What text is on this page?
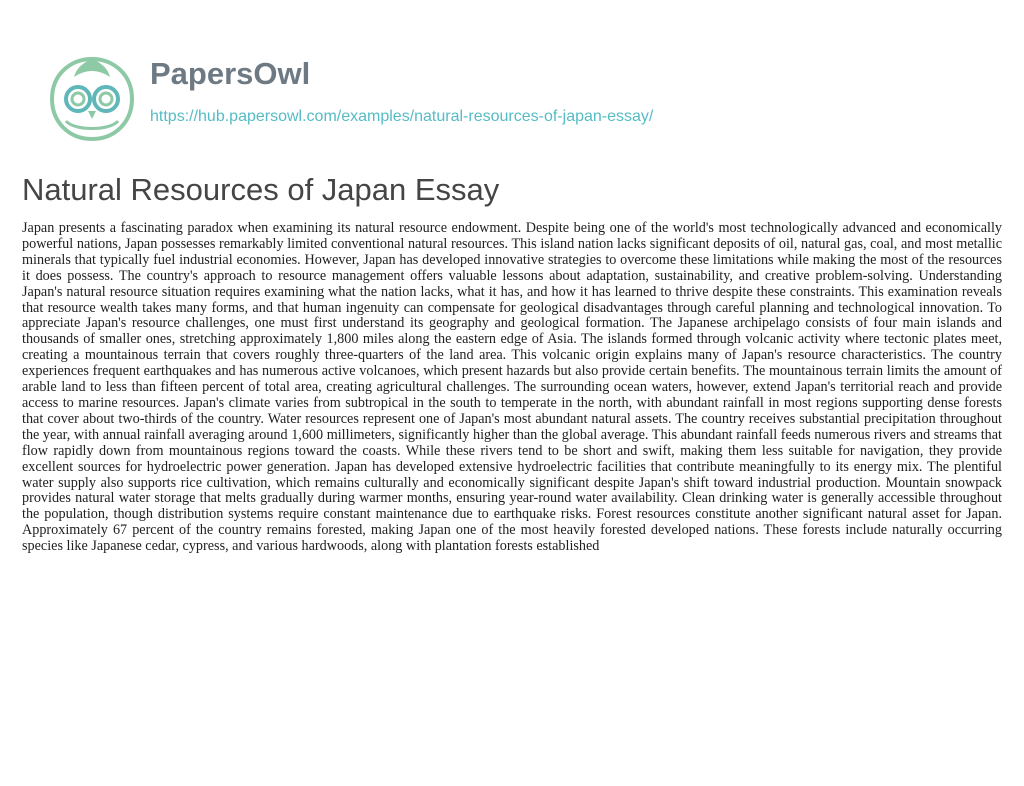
PapersOwl
https://hub.papersowl.com/examples/natural-resources-of-japan-essay/
Natural Resources of Japan Essay

Japan presents a fascinating paradox when examining its natural resource endowment. Despite being one of the world's most technologically advanced and economically powerful nations, Japan possesses remarkably limited conventional natural resources. This island nation lacks significant deposits of oil, natural gas, coal, and most metallic minerals that typically fuel industrial economies. However, Japan has developed innovative strategies to overcome these limitations while making the most of the resources it does possess. The country's approach to resource management offers valuable lessons about adaptation, sustainability, and creative problem-solving. Understanding Japan's natural resource situation requires examining what the nation lacks, what it has, and how it has learned to thrive despite these constraints. This examination reveals that resource wealth takes many forms, and that human ingenuity can compensate for geological disadvantages through careful planning and technological innovation. To appreciate Japan's resource challenges, one must first understand its geography and geological formation. The Japanese archipelago consists of four main islands and thousands of smaller ones, stretching approximately 1,800 miles along the eastern edge of Asia. The islands formed through volcanic activity where tectonic plates meet, creating a mountainous terrain that covers roughly three-quarters of the land area. This volcanic origin explains many of Japan's resource characteristics. The country experiences frequent earthquakes and has numerous active volcanoes, which present hazards but also provide certain benefits. The mountainous terrain limits the amount of arable land to less than fifteen percent of total area, creating agricultural challenges. The surrounding ocean waters, however, extend Japan's territorial reach and provide access to marine resources. Japan's climate varies from subtropical in the south to temperate in the north, with abundant rainfall in most regions supporting dense forests that cover about two-thirds of the country. Water resources represent one of Japan's most abundant natural assets. The country receives substantial precipitation throughout the year, with annual rainfall averaging around 1,600 millimeters, significantly higher than the global average. This abundant rainfall feeds numerous rivers and streams that flow rapidly down from mountainous regions toward the coasts. While these rivers tend to be short and swift, making them less suitable for navigation, they provide excellent sources for hydroelectric power generation. Japan has developed extensive hydroelectric facilities that contribute meaningfully to its energy mix. The plentiful water supply also supports rice cultivation, which remains culturally and economically significant despite Japan's shift toward industrial production. Mountain snowpack provides natural water storage that melts gradually during warmer months, ensuring year-round water availability. Clean drinking water is generally accessible throughout the population, though distribution systems require constant maintenance due to earthquake risks. Forest resources constitute another significant natural asset for Japan. Approximately 67 percent of the country remains forested, making Japan one of the most heavily forested developed nations. These forests include naturally occurring species like Japanese cedar, cypress, and various hardwoods, along with plantation forests established
